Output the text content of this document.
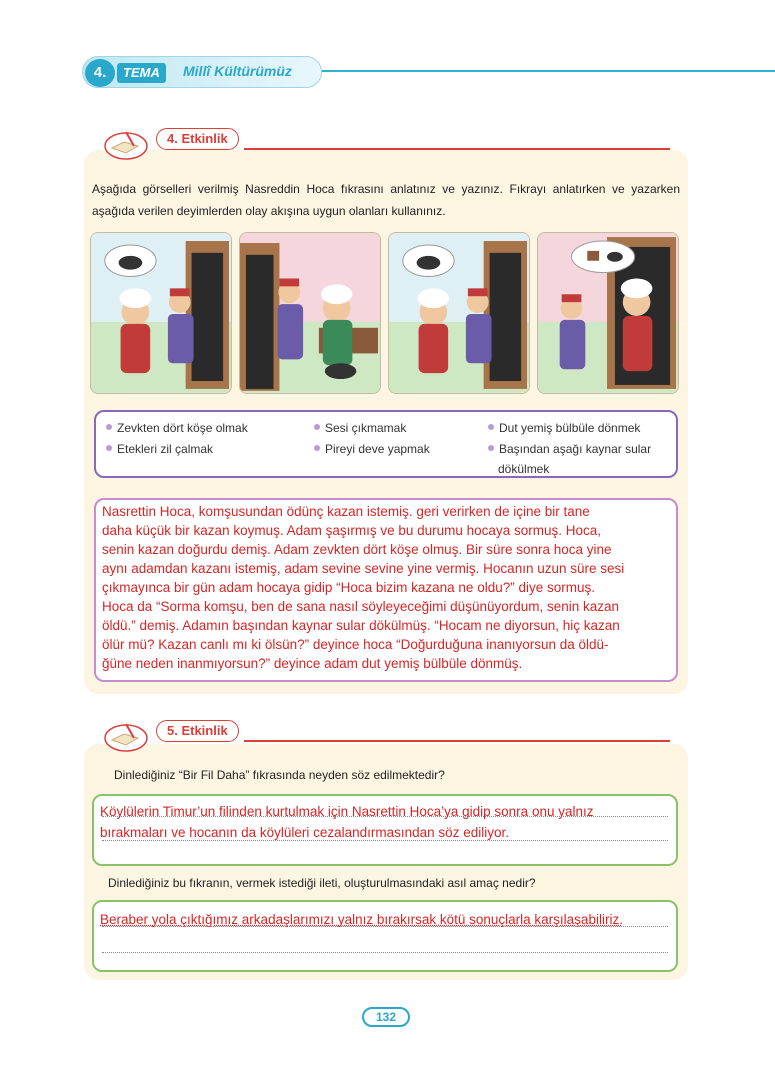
4.	TEMA	Millî Kültürümüz
4. Etkinlik
Aşağıda görselleri verilmiş Nasreddin Hoca fıkrasını anlatınız ve yazınız. Fıkrayı anlatırken ve yazarken aşağıda verilen deyimlerden olay akışına uygun olanları kullanınız.
Zevkten dört köşe olmak	Sesi çıkmamak	Dut yemiş bülbüle dönmek
Etekleri zil çalmak	Pireyi deve yapmak	Başından aşağı kaynar sular
dökülmek
Nasrettin Hoca, komşusundan ödünç kazan istemiş. geri verirken de içine bir tane
daha küçük bir kazan koymuş. Adam şaşırmış ve bu durumu hocaya sormuş. Hoca,
senin kazan doğurdu demiş. Adam zevkten dört köşe olmuş. Bir süre sonra hoca yine
aynı adamdan kazanı istemiş, adam sevine sevine yine vermiş. Hocanın uzun süre sesi
çıkmayınca bir gün adam hocaya gidip “Hoca bizim kazana ne oldu?” diye sormuş.
Hoca da “Sorma komşu, ben de sana nasıl söyleyeceğimi düşünüyordum, senin kazan
öldü.” demiş. Adamın başından kaynar sular dökülmüş. “Hocam ne diyorsun, hiç kazan
ölür mü? Kazan canlı mı ki ölsün?” deyince hoca “Doğurduğuna inanıyorsun da öldü-
ğüne neden inanmıyorsun?” deyince adam dut yemiş bülbüle dönmüş.
5. Etkinlik
Dinlediğiniz “Bir Fil Daha” fıkrasında neyden söz edilmektedir?
Köylülerin Timur’un filinden kurtulmak için Nasrettin Hoca’ya gidip sonra onu yalnız
bırakmaları ve hocanın da köylüleri cezalandırmasından söz ediliyor.
Dinlediğiniz bu fıkranın, vermek istediği ileti, oluşturulmasındaki asıl amaç nedir?
Beraber yola çıktığımız arkadaşlarımızı yalnız bırakırsak kötü sonuçlarla karşılaşabiliriz.
132
